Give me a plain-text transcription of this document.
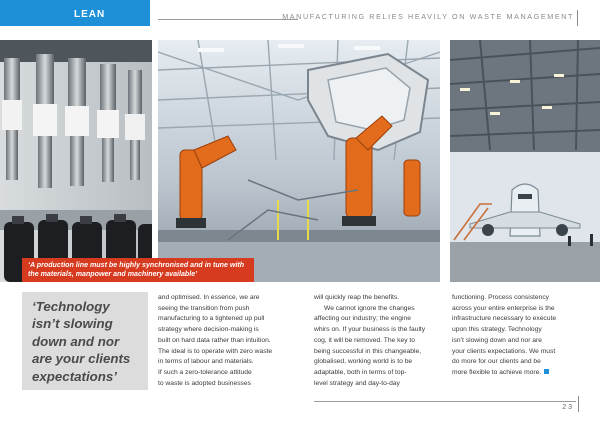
LEAN	MANUFACTURING RELIES HEAVILY ON WASTE MANAGEMENT
‘A production line must be highly synchronised and in tune with the materials, manpower and machinery available’
‘Technology isn’t slowing down and nor are your clients expectations’

and optimised. In essence, we are

seeing the transition from push

manufacturing to a tightened up pull

strategy where decision-making is

built on hard data rather than intuition.

The ideal is to operate with zero waste

in terms of labour and materials.

If such a zero-tolerance attitude

to waste is adopted businesses

will quickly reap the benefits.

We cannot ignore the changes

affecting our industry; the engine

whirs on. If your business is the faulty

cog, it will be removed. The key to

being successful in this changeable,

globalised, working world is to be

adaptable, both in terms of top-

level strategy and day-to-day

functioning. Process consistency

across your entire enterprise is the

infrastructure necessary to execute

upon this strategy. Technology

isn’t slowing down and nor are

your clients expectations. We must

do more for our clients and be

more flexible to achieve more.

23
